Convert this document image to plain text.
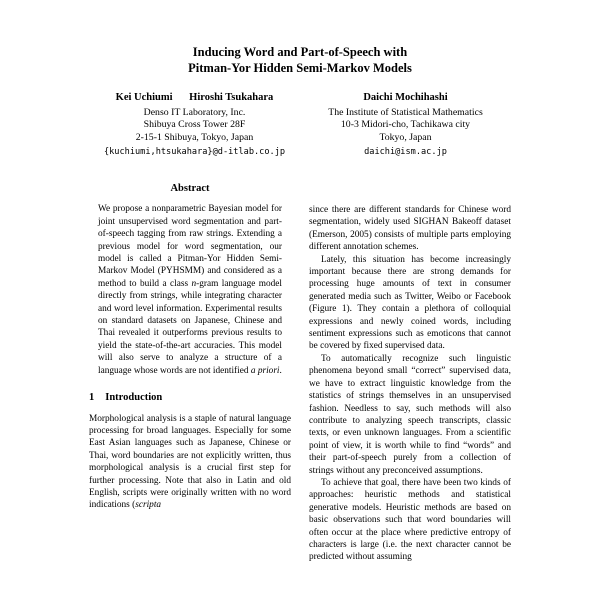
Inducing Word and Part-of-Speech with
Pitman-Yor Hidden Semi-Markov Models
Kei Uchiumi Hiroshi Tsukahara
Denso IT Laboratory, Inc.
Shibuya Cross Tower 28F
2-15-1 Shibuya, Tokyo, Japan
{kuchiumi,htsukahara}@d-itlab.co.jp
Daichi Mochihashi
The Institute of Statistical Mathematics
10-3 Midori-cho, Tachikawa city
Tokyo, Japan
daichi@ism.ac.jp
Abstract

We propose a nonparametric Bayesian model for joint unsupervised word segmentation and part-of-speech tagging from raw strings. Extending a previous model for word segmentation, our model is called a Pitman-Yor Hidden Semi-Markov Model (PYHSMM) and considered as a method to build a class n-gram language model directly from strings, while integrating character and word level information. Experimental results on standard datasets on Japanese, Chinese and Thai revealed it outperforms previous results to yield the state-of-the-art accuracies. This model will also serve to analyze a structure of a language whose words are not identified a priori.

1 Introduction

Morphological analysis is a staple of natural language processing for broad languages. Especially for some East Asian languages such as Japanese, Chinese or Thai, word boundaries are not explicitly written, thus morphological analysis is a crucial first step for further processing. Note that also in Latin and old English, scripts were originally written with no word indications (scripta

since there are different standards for Chinese word segmentation, widely used SIGHAN Bakeoff dataset (Emerson, 2005) consists of multiple parts employing different annotation schemes.

Lately, this situation has become increasingly important because there are strong demands for processing huge amounts of text in consumer generated media such as Twitter, Weibo or Facebook (Figure 1). They contain a plethora of colloquial expressions and newly coined words, including sentiment expressions such as emoticons that cannot be covered by fixed supervised data.

To automatically recognize such linguistic phenomena beyond small “correct” supervised data, we have to extract linguistic knowledge from the statistics of strings themselves in an unsupervised fashion. Needless to say, such methods will also contribute to analyzing speech transcripts, classic texts, or even unknown languages. From a scientific point of view, it is worth while to find “words” and their part-of-speech purely from a collection of strings without any preconceived assumptions.

To achieve that goal, there have been two kinds of approaches: heuristic methods and statistical generative models. Heuristic methods are based on basic observations such that word boundaries will often occur at the place where predictive entropy of characters is large (i.e. the next character cannot be predicted without assuming
